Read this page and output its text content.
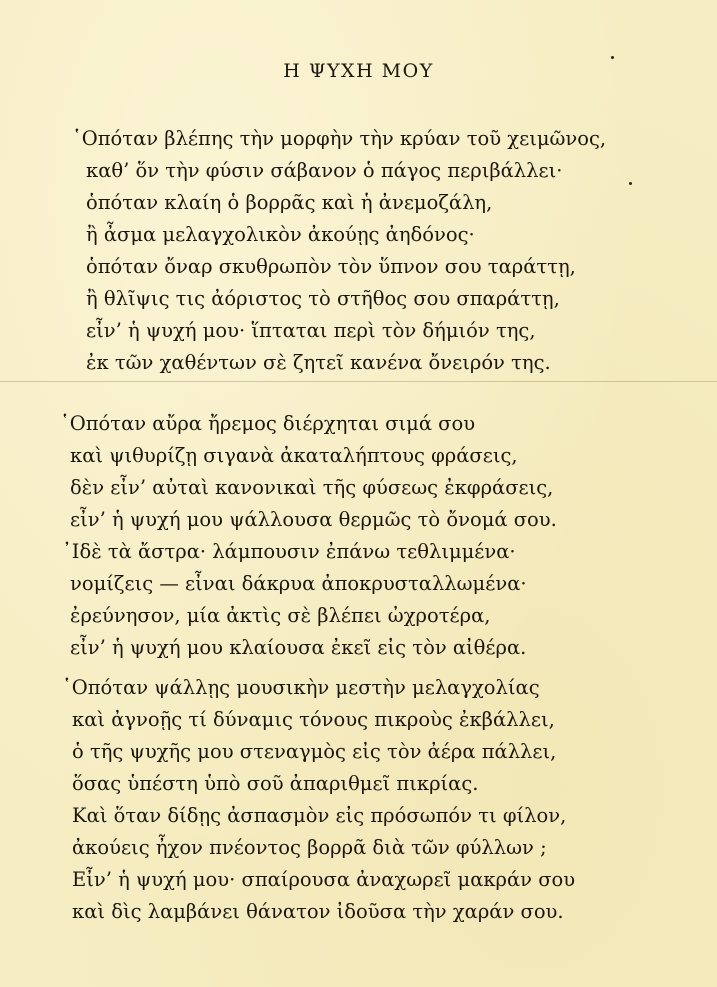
Η ΨΥΧΗ ΜΟΥ
῾Οπόταν βλέπης τὴν μορφὴν τὴν κρύαν τοῦ χειμῶνος,
καθ’ ὅν τὴν φύσιν σάβανον ὁ πάγος περιβάλλει·
ὁπόταν κλαίη ὁ βορρᾶς καὶ ἡ ἀνεμοζάλη,
ἢ ἆσμα μελαγχολικὸν ἀκούῃς ἀηδόνος·
ὁπόταν ὄναρ σκυθρωπὸν τὸν ὕπνον σου ταράττῃ,
ἢ θλῖψις τις ἀόριστος τὸ στῆθος σου σπαράττῃ,
εἶν’ ἡ ψυχή μου· ἵπταται περὶ τὸν δήμιόν της,
ἐκ τῶν χαθέντων σὲ ζητεῖ κανένα ὄνειρόν της.
῾Οπόταν αὔρα ἤρεμος διέρχηται σιμά σου
καὶ ψιθυρίζῃ σιγανὰ ἀκαταλήπτους φράσεις,
δὲν εἶν’ αὐταὶ κανονικαὶ τῆς φύσεως ἐκφράσεις,
εἶν’ ἡ ψυχή μου ψάλλουσα θερμῶς τὸ ὄνομά σου.
᾿Ιδὲ τὰ ἄστρα· λάμπουσιν ἐπάνω τεθλιμμένα·
νομίζεις — εἶναι δάκρυα ἀποκρυσταλλωμένα·
ἐρεύνησον, μία ἀκτὶς σὲ βλέπει ὠχροτέρα,
εἶν’ ἡ ψυχή μου κλαίουσα ἐκεῖ εἰς τὸν αἰθέρα.
῾Οπόταν ψάλλῃς μουσικὴν μεστὴν μελαγχολίας
καὶ ἀγνοῇς τί δύναμις τόνους πικροὺς ἐκβάλλει,
ὁ τῆς ψυχῆς μου στεναγμὸς εἰς τὸν ἀέρα πάλλει,
ὅσας ὑπέστη ὑπὸ σοῦ ἀπαριθμεῖ πικρίας.
Καὶ ὅταν δίδῃς ἀσπασμὸν εἰς πρόσωπόν τι φίλον,
ἀκούεις ἦχον πνέοντος βορρᾶ διὰ τῶν φύλλων ;
Εἶν’ ἡ ψυχή μου· σπαίρουσα ἀναχωρεῖ μακράν σου
καὶ δὶς λαμβάνει θάνατον ἰδοῦσα τὴν χαράν σου.
